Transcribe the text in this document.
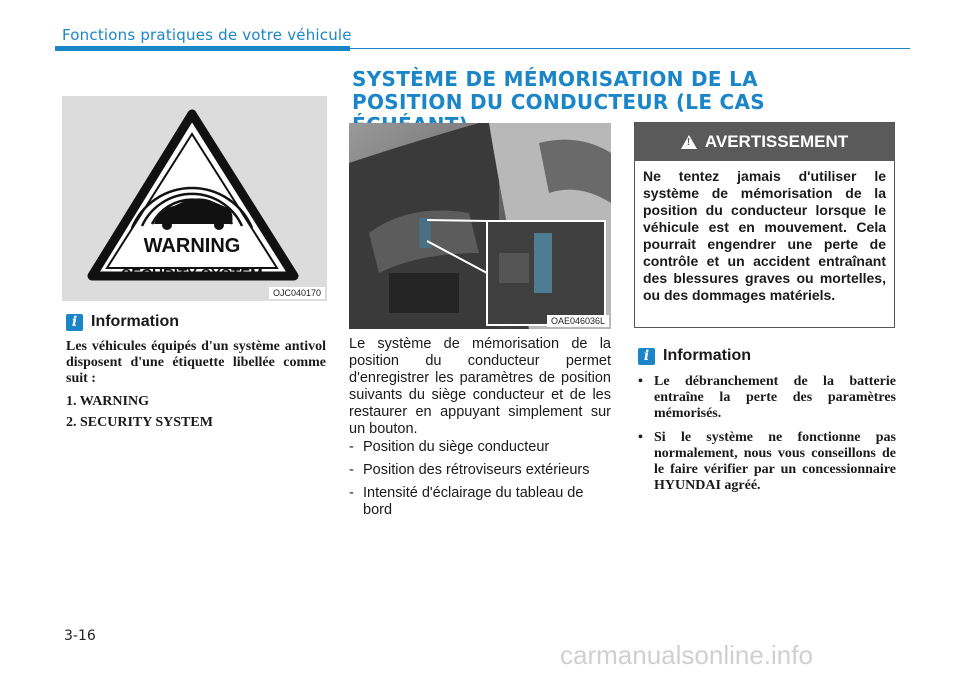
Fonctions pratiques de votre véhicule
SYSTÈME DE MÉMORISATION DE LA POSITION DU CONDUCTEUR (LE CAS
WARNING
SECURITY SYSTEM
OJC040170
i Information
Les véhicules équipés d'un système antivol disposent d'une étiquette libellée comme suit :
1. WARNING
2. SECURITY SYSTEM
OAE046036L
Le système de mémorisation de la position du conducteur permet d'enregistrer les paramètres de position suivants du siège conducteur et de les restaurer en appuyant simplement sur un bouton.
- Position du siège conducteur
- Position des rétroviseurs extérieurs
- Intensité d'éclairage du tableau de bord
! AVERTISSEMENT
Ne tentez jamais d'utiliser le système de mémorisation de la position du conducteur lorsque le véhicule est en mouvement. Cela pourrait engendrer une perte de contrôle et un accident entraînant des blessures graves ou mortelles, ou des dommages matériels.
i Information
• Le débranchement de la batterie entraîne la perte des paramètres mémorisés.
• Si le système ne fonctionne pas normalement, nous vous conseillons de le faire vérifier par un concessionnaire HYUNDAI agréé.
3-16
carmanualsonline.info
